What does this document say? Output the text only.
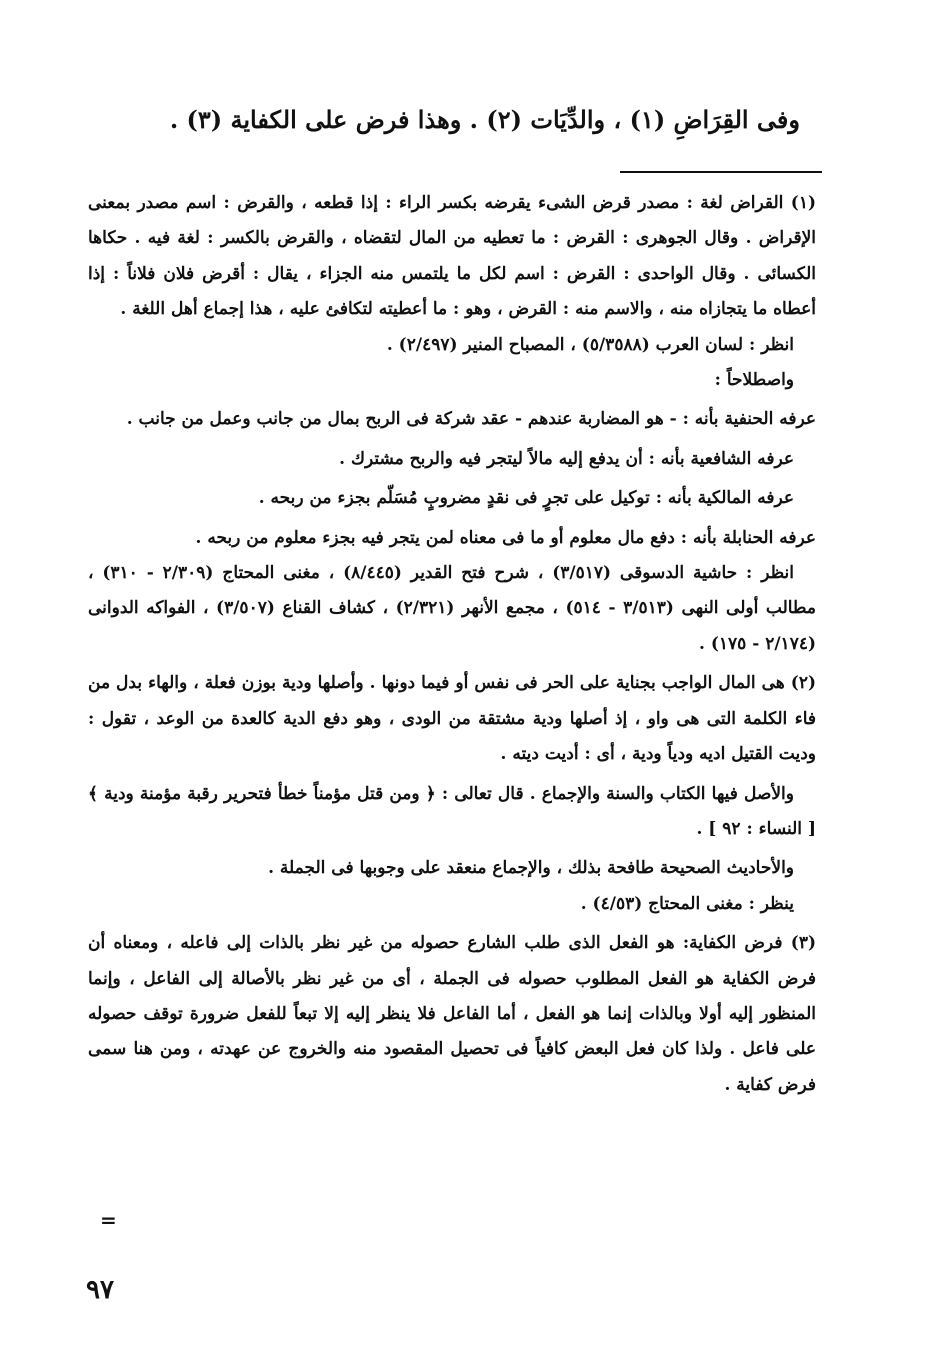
وفى القِرَاضِ (١) ، والدِّيَات (٢) . وهذا فرض على الكفاية (٣) .

(١) القراض لغة : مصدر قرض الشىء يقرضه بكسر الراء : إذا قطعه ، والقرض : اسم مصدر بمعنى الإقراض . وقال الجوهرى : القرض : ما تعطيه من المال لتقضاه ، والقرض بالكسر : لغة فيه . حكاها الكسائى . وقال الواحدى : القرض : اسم لكل ما يلتمس منه الجزاء ، يقال : أقرض فلان فلاناً : إذا أعطاه ما يتجازاه منه ، والاسم منه : القرض ، وهو : ما أعطيته لتكافئ عليه ، هذا إجماع أهل اللغة .

انظر : لسان العرب (٥/٣٥٨٨) ، المصباح المنير (٢/٤٩٧) .

واصطلاحاً :

عرفه الحنفية بأنه : - هو المضاربة عندهم - عقد شركة فى الربح بمال من جانب وعمل من جانب .

عرفه الشافعية بأنه : أن يدفع إليه مالاً ليتجر فيه والربح مشترك .

عرفه المالكية بأنه : توكيل على تجرٍ فى نقدٍ مضروبٍ مُسَلّم بجزء من ربحه .

عرفه الحنابلة بأنه : دفع مال معلوم أو ما فى معناه لمن يتجر فيه بجزء معلوم من ربحه .

انظر : حاشية الدسوقى (٣/٥١٧) ، شرح فتح القدير (٨/٤٤٥) ، مغنى المحتاج (٢/٣٠٩ - ٣١٠) ، مطالب أولى النهى (٣/٥١٣ - ٥١٤) ، مجمع الأنهر (٢/٣٢١) ، كشاف القناع (٣/٥٠٧) ، الفواكه الدوانى (٢/١٧٤ - ١٧٥) .

(٢) هى المال الواجب بجناية على الحر فى نفس أو فيما دونها . وأصلها ودية بوزن فعلة ، والهاء بدل من فاء الكلمة التى هى واو ، إذ أصلها ودية مشتقة من الودى ، وهو دفع الدية كالعدة من الوعد ، تقول : وديت القتيل اديه ودياً ودية ، أى : أديت ديته .

والأصل فيها الكتاب والسنة والإجماع . قال تعالى : ﴿ ومن قتل مؤمناً خطأ فتحرير رقبة مؤمنة ودية ﴾ [ النساء : ٩٢ ] .

والأحاديث الصحيحة طافحة بذلك ، والإجماع منعقد على وجوبها فى الجملة .

ينظر : مغنى المحتاج (٤/٥٣) .

(٣) فرض الكفاية: هو الفعل الذى طلب الشارع حصوله من غير نظر بالذات إلى فاعله ، ومعناه أن فرض الكفاية هو الفعل المطلوب حصوله فى الجملة ، أى من غير نظر بالأصالة إلى الفاعل ، وإنما المنظور إليه أولا وبالذات إنما هو الفعل ، أما الفاعل فلا ينظر إليه إلا تبعاً للفعل ضرورة توقف حصوله على فاعل . ولذا كان فعل البعض كافياً فى تحصيل المقصود منه والخروج عن عهدته ، ومن هنا سمى فرض كفاية .

=
٩٧
